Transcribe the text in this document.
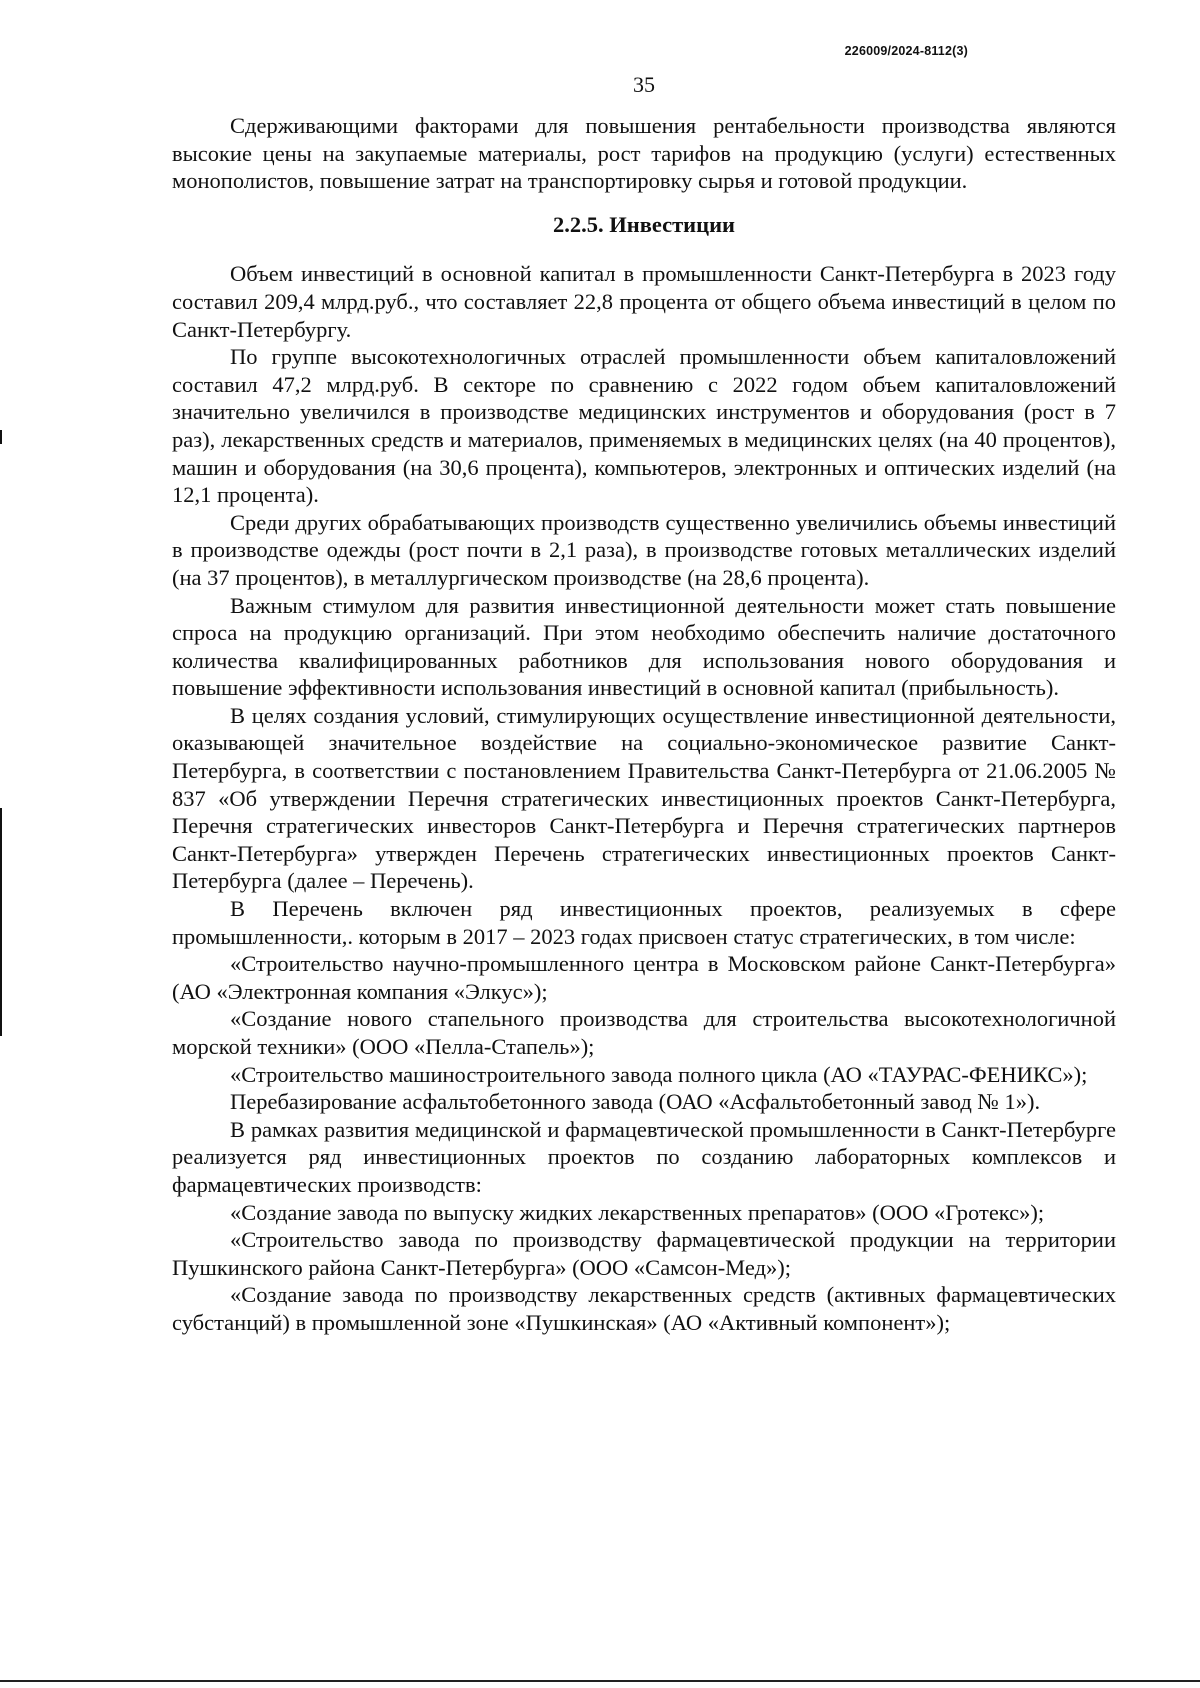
226009/2024-8112(3)
35

Сдерживающими факторами для повышения рентабельности производства являются высокие цены на закупаемые материалы, рост тарифов на продукцию (услуги) естественных монополистов, повышение затрат на транспортировку сырья и готовой продукции.

2.2.5. Инвестиции

Объем инвестиций в основной капитал в промышленности Санкт-Петербурга в 2023 году составил 209,4 млрд.руб., что составляет 22,8 процента от общего объема инвестиций в целом по Санкт-Петербургу.

По группе высокотехнологичных отраслей промышленности объем капиталовложений составил 47,2 млрд.руб. В секторе по сравнению с 2022 годом объем капиталовложений значительно увеличился в производстве медицинских инструментов и оборудования (рост в 7 раз), лекарственных средств и материалов, применяемых в медицинских целях (на 40 процентов), машин и оборудования (на 30,6 процента), компьютеров, электронных и оптических изделий (на 12,1 процента).

Среди других обрабатывающих производств существенно увеличились объемы инвестиций в производстве одежды (рост почти в 2,1 раза), в производстве готовых металлических изделий (на 37 процентов), в металлургическом производстве (на 28,6 процента).

Важным стимулом для развития инвестиционной деятельности может стать повышение спроса на продукцию организаций. При этом необходимо обеспечить наличие достаточного количества квалифицированных работников для использования нового оборудования и повышение эффективности использования инвестиций в основной капитал (прибыльность).

В целях создания условий, стимулирующих осуществление инвестиционной деятельности, оказывающей значительное воздействие на социально-экономическое развитие Санкт-Петербурга, в соответствии с постановлением Правительства Санкт-Петербурга от 21.06.2005 № 837 «Об утверждении Перечня стратегических инвестиционных проектов Санкт-Петербурга, Перечня стратегических инвесторов Санкт-Петербурга и Перечня стратегических партнеров Санкт-Петербурга» утвержден Перечень стратегических инвестиционных проектов Санкт-Петербурга (далее – Перечень).

В Перечень включен ряд инвестиционных проектов, реализуемых в сфере промышленности,. которым в 2017 – 2023 годах присвоен статус стратегических, в том числе:

«Строительство научно-промышленного центра в Московском районе Санкт-Петербурга» (АО «Электронная компания «Элкус»);

«Создание нового стапельного производства для строительства высокотехнологичной морской техники» (ООО «Пелла-Стапель»);

«Строительство машиностроительного завода полного цикла (АО «ТАУРАС-ФЕНИКС»);

Перебазирование асфальтобетонного завода (ОАО «Асфальтобетонный завод № 1»).

В рамках развития медицинской и фармацевтической промышленности в Санкт-Петербурге реализуется ряд инвестиционных проектов по созданию лабораторных комплексов и фармацевтических производств:

«Создание завода по выпуску жидких лекарственных препаратов» (ООО «Гротекс»);

«Строительство завода по производству фармацевтической продукции на территории Пушкинского района Санкт-Петербурга» (ООО «Самсон-Мед»);

«Создание завода по производству лекарственных средств (активных фармацевтических субстанций) в промышленной зоне «Пушкинская» (АО «Активный компонент»);
